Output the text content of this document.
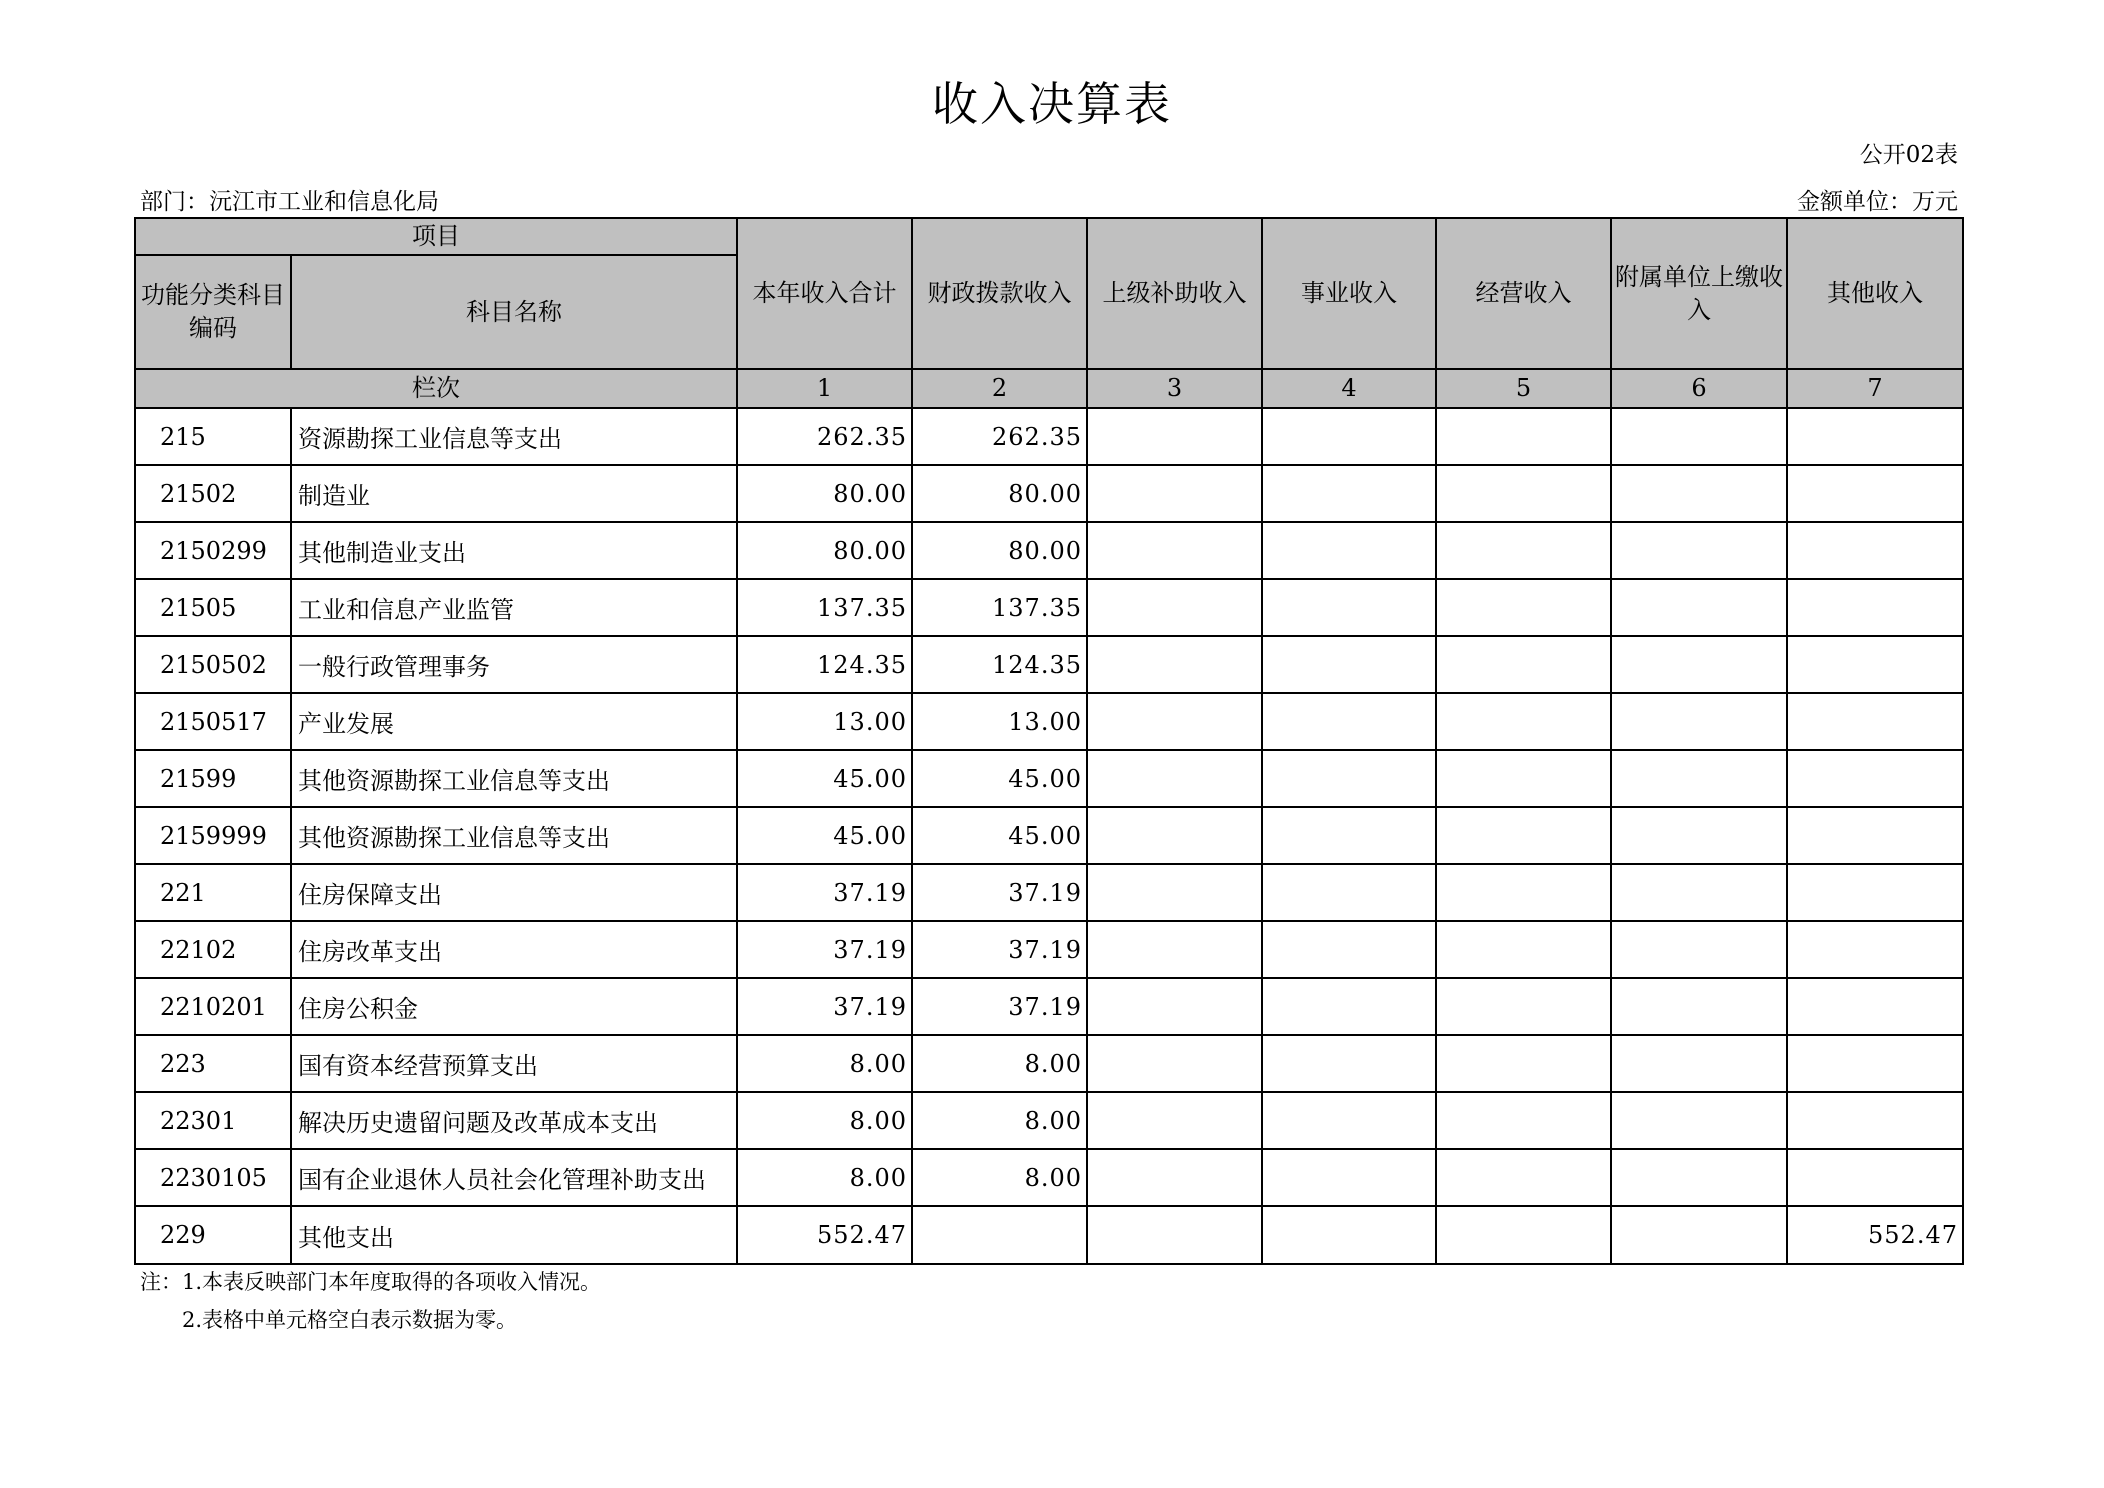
收入决算表
公开02表
部门：沅江市工业和信息化局	金额单位：万元
项目		本年收入合计	财政拨款收入	上级补助收入	事业收入	经营收入	附属单位上缴收入	其他收入
功能分类科目编码	科目名称							
栏次		1	2	3	4	5	6	7
215	资源勘探工业信息等支出	262.35	262.35					
21502	制造业	80.00	80.00					
2150299	其他制造业支出	80.00	80.00					
21505	工业和信息产业监管	137.35	137.35					
2150502	一般行政管理事务	124.35	124.35					
2150517	产业发展	13.00	13.00					
21599	其他资源勘探工业信息等支出	45.00	45.00					
2159999	其他资源勘探工业信息等支出	45.00	45.00					
221	住房保障支出	37.19	37.19					
22102	住房改革支出	37.19	37.19					
2210201	住房公积金	37.19	37.19					
223	国有资本经营预算支出	8.00	8.00					
22301	解决历史遗留问题及改革成本支出	8.00	8.00					
2230105	国有企业退休人员社会化管理补助支出	8.00	8.00					
229	其他支出	552.47						552.47
注：1.本表反映部门本年度取得的各项收入情况。
2.表格中单元格空白表示数据为零。
